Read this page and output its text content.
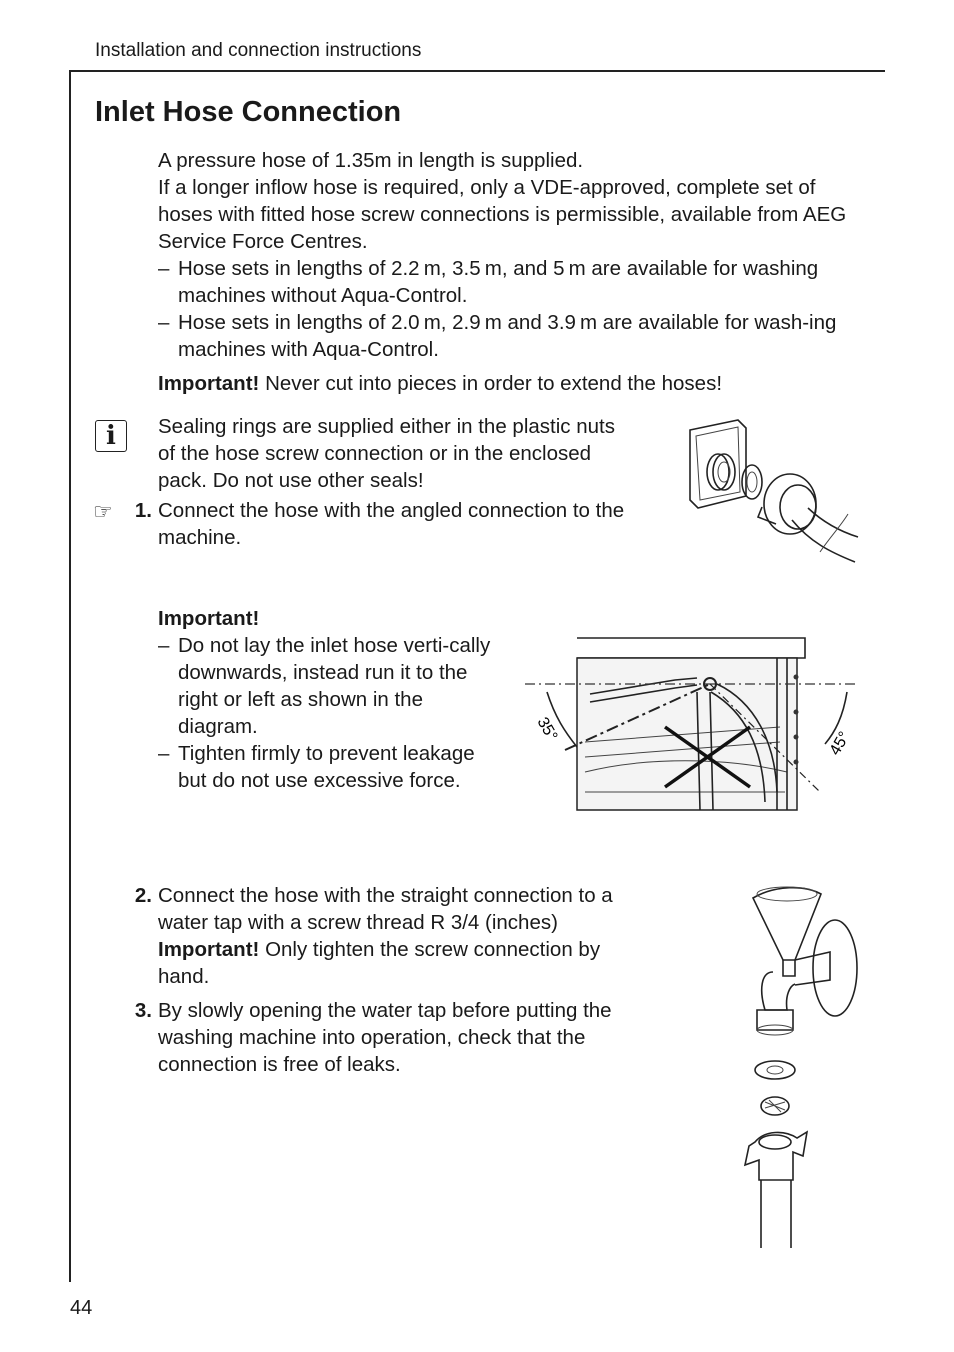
Installation and connection instructions
Inlet Hose Connection
A pressure hose of 1.35m in length is supplied.
If a longer inflow hose is required, only a VDE-approved, complete set of hoses with fitted hose screw connections is permissible, available from AEG Service Force Centres.
– Hose sets in lengths of 2.2 m, 3.5 m, and 5 m are available for washing machines without Aqua-Control.
– Hose sets in lengths of 2.0 m, 2.9 m and 3.9 m are available for wash-ing machines with Aqua-Control.
Important! Never cut into pieces in order to extend the hoses!
i	Sealing rings are supplied either in the plastic nuts of the hose screw connection or in the enclosed pack. Do not use other seals!
☞	1. Connect the hose with the angled connection to the machine.
Important!
– Do not lay the inlet hose verti-cally downwards, instead run it to the right or left as shown in the diagram.
– Tighten firmly to prevent leakage but do not use excessive force.
35°	45°
2. Connect the hose with the straight connection to a water tap with a screw thread R 3/4 (inches)
Important! Only tighten the screw connection by hand.
3. By slowly opening the water tap before putting the washing machine into operation, check that the connection is free of leaks.
44
